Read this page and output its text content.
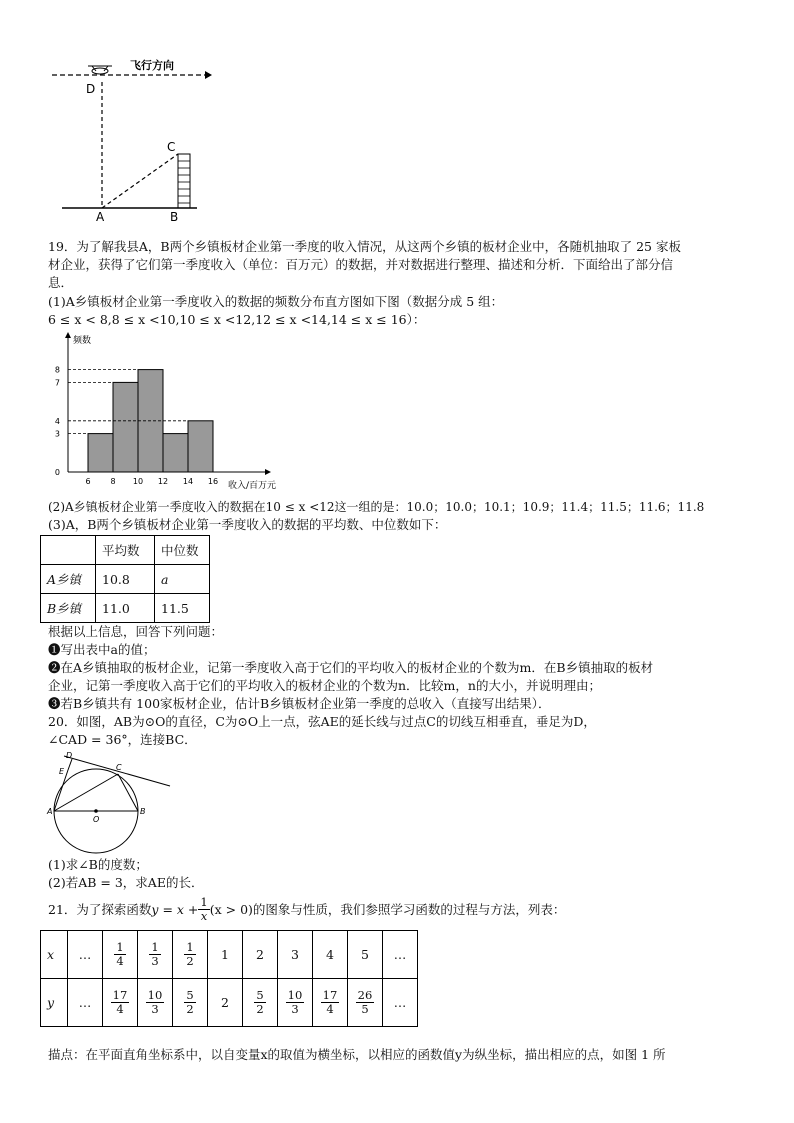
飞行方向
D
C
A	B
19．为了解我县A，B两个乡镇板材企业第一季度的收入情况，从这两个乡镇的板材企业中，各随机抽取了 25 家板
材企业，获得了它们第一季度收入（单位：百万元）的数据，并对数据进行整理、描述和分析．下面给出了部分信
息．
(1)A乡镇板材企业第一季度收入的数据的频数分布直方图如下图（数据分成 5 组：
6 ≤ x < 8,8 ≤ x <10,10 ≤ x <12,12 ≤ x <14,14 ≤ x ≤ 16）：
频数
收入/百万元
0
3
4
7
8
6 8 10 12 14 16
(2)A乡镇板材企业第一季度收入的数据在10 ≤ x <12这一组的是：10.0；10.0；10.1；10.9；11.4；11.5；11.6；11.8
(3)A，B两个乡镇板材企业第一季度收入的数据的平均数、中位数如下：
	平均数	中位数
A乡镇	10.8	a
B乡镇	11.0	11.5
根据以上信息，回答下列问题：
❶写出表中a的值；
❷在A乡镇抽取的板材企业，记第一季度收入高于它们的平均收入的板材企业的个数为m．在B乡镇抽取的板材
企业，记第一季度收入高于它们的平均收入的板材企业的个数为n．比较m，n的大小，并说明理由；
❸若B乡镇共有 100家板材企业，估计B乡镇板材企业第一季度的总收入（直接写出结果）．
20．如图，AB为⊙O的直径，C为⊙O上一点，弦AE的延长线与过点C的切线互相垂直，垂足为D，
∠CAD = 36°，连接BC．
D
E	C
A
O
B
(1)求∠B的度数；
(2)若AB = 3，求AE的长．
21．为了探索函数 $y = x + \frac{1}{x} (x > 0)$ 的图象与性质，我们参照学习函数的过程与方法，列表：
x	…	$\frac{1}{4}$	$\frac{1}{3}$	$\frac{1}{2}$	1	2	3	4	5	…
y	…	$\frac{17}{4}$	$\frac{10}{3}$	$\frac{5}{2}$	2	$\frac{5}{2}$	$\frac{10}{3}$	$\frac{17}{4}$	$\frac{26}{5}$	…
描点：在平面直角坐标系中，以自变量x的取值为横坐标，以相应的函数值y为纵坐标，描出相应的点，如图 1 所
